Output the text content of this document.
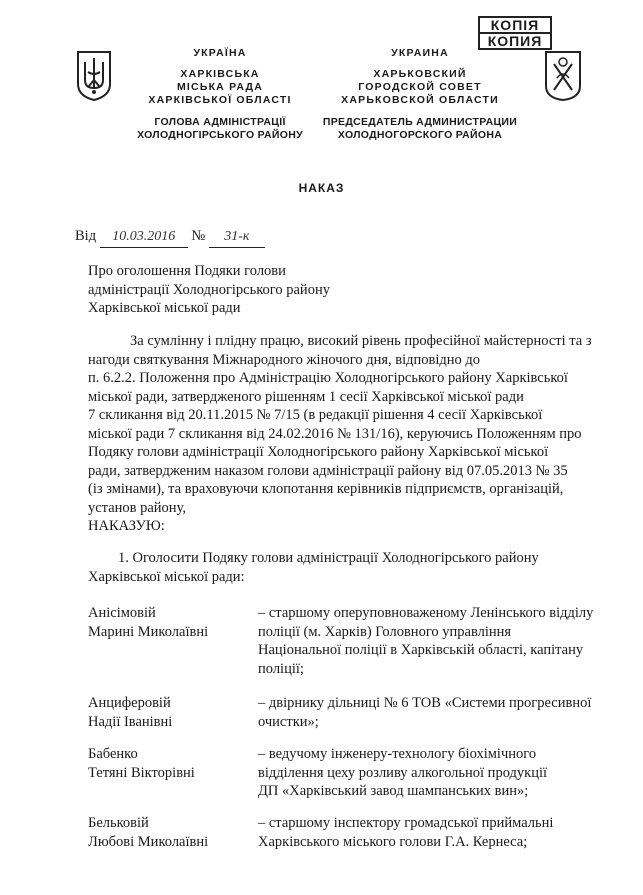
КОПІЯ
КОПИЯ
УКРАЇНА
ХАРКІВСЬКА
МІСЬКА РАДА
ХАРКІВСЬКОЇ ОБЛАСТІ
ГОЛОВА АДМІНІСТРАЦІЇ
ХОЛОДНОГІРСЬКОГО РАЙОНУ
УКРАИНА
ХАРЬКОВСКИЙ
ГОРОДСКОЙ СОВЕТ
ХАРЬКОВСКОЙ ОБЛАСТИ
ПРЕДСЕДАТЕЛЬ АДМИНИСТРАЦИИ
ХОЛОДНОГОРСКОГО РАЙОНА
НАКАЗ
Від 10.03.2016 № 31-к
Про оголошення Подяки голови
адміністрації Холодногірського району
Харківської міської ради
За сумлінну і плідну працю, високий рівень професійної майстерності та з
нагоди святкування Міжнародного жіночого дня, відповідно до
п. 6.2.2. Положення про Адміністрацію Холодногірського району Харківської
міської ради, затвердженого рішенням 1 сесії Харківської міської ради
7 скликання від 20.11.2015 № 7/15 (в редакції рішення 4 сесії Харківської
міської ради 7 скликання від 24.02.2016 № 131/16), керуючись Положенням про
Подяку голови адміністрації Холодногірського району Харківської міської
ради, затвердженим наказом голови адміністрації району від 07.05.2013 № 35
(із змінами), та враховуючи клопотання керівників підприємств, організацій,
установ району,
НАКАЗУЮ:
1. Оголосити Подяку голови адміністрації Холодногірського району
Харківської міської ради:
Анісімовій
Марині Миколаївні
– старшому оперуповноваженому Ленінського відділу
поліції (м. Харків) Головного управління
Національної поліції в Харківській області, капітану
поліції;
Анциферовій
Надії Іванівні
– двірнику дільниці № 6 ТОВ «Системи прогресивної
очистки»;
Бабенко
Тетяні Вікторівні
– ведучому інженеру-технологу біохімічного
відділення цеху розливу алкогольної продукції
ДП «Харківський завод шампанських вин»;
Бельковій
Любові Миколаївні
– старшому інспектору громадської приймальні
Харківського міського голови Г.А. Кернеса;
